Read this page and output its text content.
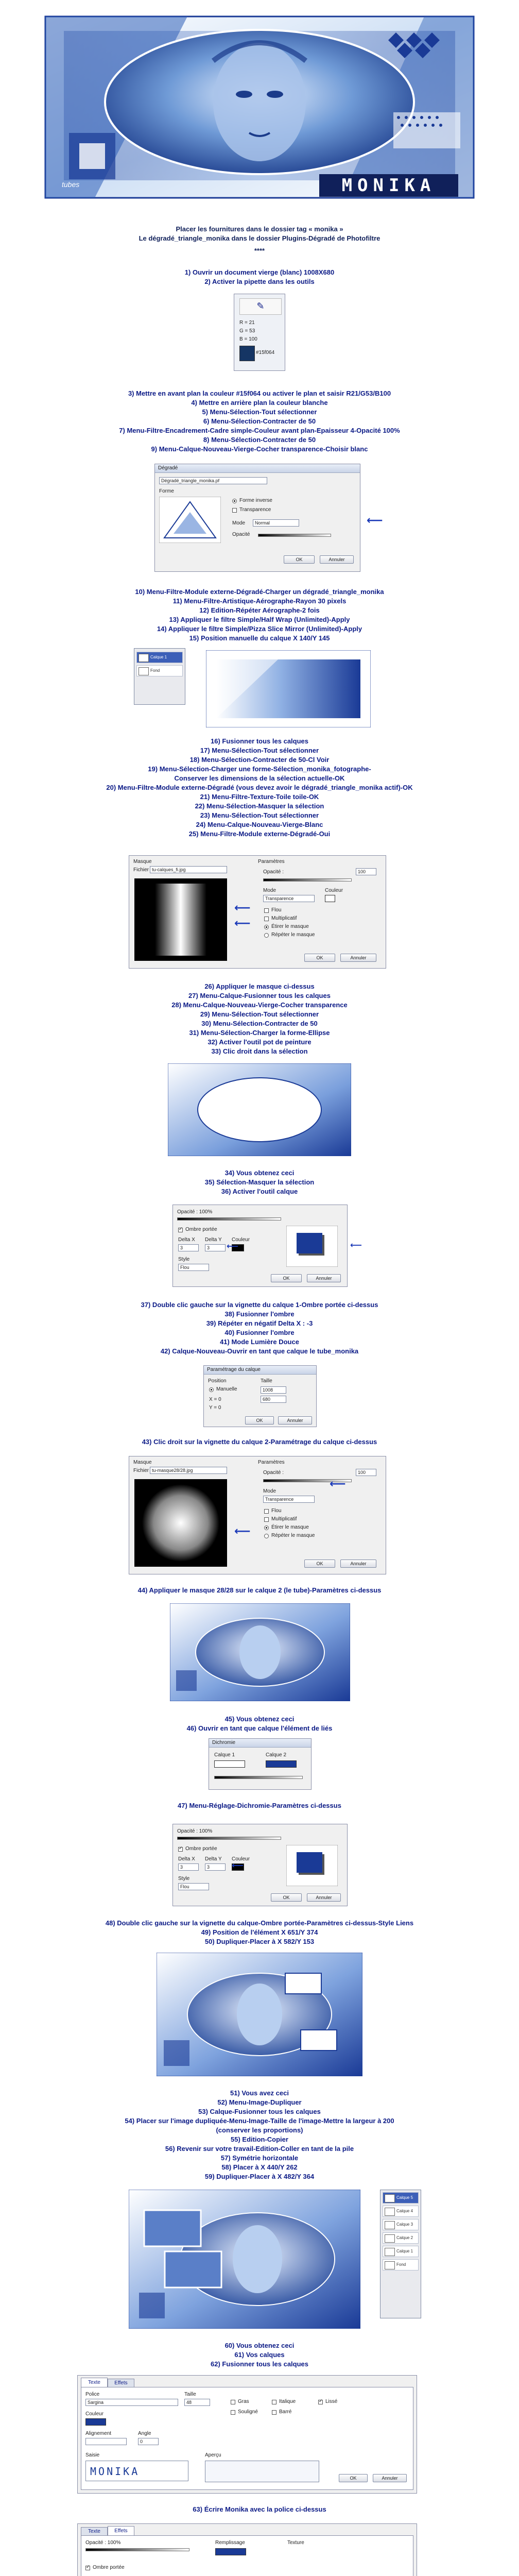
MONIKA
tubes
Placer les fournitures dans le dossier tag « monika »
Le dégradé_triangle_monika dans le dossier Plugins-Dégradé de Photofiltre
****
1) Ouvrir un document vierge (blanc) 1008X680
2) Activer la pipette dans les outils
✎
R = 21
G = 53
B = 100
#15f064
3) Mettre en avant plan la couleur #15f064 ou activer le plan et saisir R21/G53/B100
4) Mettre en arrière plan la couleur blanche
5) Menu-Sélection-Tout sélectionner
6) Menu-Sélection-Contracter de 50
7) Menu-Filtre-Encadrement-Cadre simple-Couleur avant plan-Epaisseur 4-Opacité 100%
8) Menu-Sélection-Contracter de 50
9) Menu-Calque-Nouveau-Vierge-Cocher transparence-Choisir blanc
Dégradé
Dégradé_triangle_monika.pf
Forme
Forme inverse
Transparence
Mode	Normal
Opacité
OK	Annuler
⟵
10) Menu-Filtre-Module externe-Dégradé-Charger un dégradé_triangle_monika
11) Menu-Filtre-Artistique-Aérographe-Rayon 30 pixels
12) Edition-Répéter Aérographe-2 fois
13) Appliquer le filtre Simple/Half Wrap (Unlimited)-Apply
14) Appliquer le filtre Simple/Pizza Slice Mirror (Unlimited)-Apply
15) Position manuelle du calque X 140/Y 145
Calque 1
Fond
16) Fusionner tous les calques
17) Menu-Sélection-Tout sélectionner
18) Menu-Sélection-Contracter de 50-Cl Voir
19) Menu-Sélection-Charger une forme-Sélection_monika_fotographe-
Conserver les dimensions de la sélection actuelle-OK
20) Menu-Filtre-Module externe-Dégradé (vous devez avoir le dégradé_triangle_monika actif)-OK
21) Menu-Filtre-Texture-Toile toile-OK
22) Menu-Sélection-Masquer la sélection
23) Menu-Sélection-Tout sélectionner
24) Menu-Calque-Nouveau-Vierge-Blanc
25) Menu-Filtre-Module externe-Dégradé-Oui
Masque
Fichier tu-calques_fi.jpg
Paramètres
Opacité :	100
Mode
Transparence
Couleur
Flou
Multiplicatif
Étirer le masque
Répéter le masque
OK	Annuler
⟵
⟵
26) Appliquer le masque ci-dessus
27) Menu-Calque-Fusionner tous les calques
28) Menu-Calque-Nouveau-Vierge-Cocher transparence
29) Menu-Sélection-Tout sélectionner
30) Menu-Sélection-Contracter de 50
31) Menu-Sélection-Charger la forme-Ellipse
32) Activer l'outil pot de peinture
33) Clic droit dans la sélection
34) Vous obtenez ceci
35) Sélection-Masquer la sélection
36) Activer l'outil calque
Opacité : 100%
✓
Ombre portée
Delta X
3
Delta Y
3
Couleur
Style
Flou
OK	Annuler
⟵	⟵
37) Double clic gauche sur la vignette du calque 1-Ombre portée ci-dessus
38) Fusionner l'ombre
39) Répéter en négatif Delta X : -3
40) Fusionner l'ombre
41) Mode Lumière Douce
42) Calque-Nouveau-Ouvrir en tant que calque le tube_monika
Paramétrage du calque
Position
Manuelle
X = 0
Y = 0
Taille
1008
680
OK	Annuler
43) Clic droit sur la vignette du calque 2-Paramétrage du calque ci-dessus
Masque
Fichier tu-masque28/28.jpg
Paramètres
Opacité :	100
Mode
Transparence
Flou
Multiplicatif
Étirer le masque
Répéter le masque
OK	Annuler
⟵
⟵
44) Appliquer le masque 28/28 sur le calque 2 (le tube)-Paramètres ci-dessus
45) Vous obtenez ceci
46) Ouvrir en tant que calque l'élément de liés
Dichromie
Calque 1	Calque 2
47) Menu-Réglage-Dichromie-Paramètres ci-dessus
Opacité : 100%
✓
Ombre portée
Delta X
3
Delta Y
3
Couleur
Style
Flou
OK	Annuler
⟵
48) Double clic gauche sur la vignette du calque-Ombre portée-Paramètres ci-dessus-Style Liens
49) Position de l'élément X 651/Y 374
50) Dupliquer-Placer à X 582/Y 153
51) Vous avez ceci
52) Menu-Image-Dupliquer
53) Calque-Fusionner tous les calques
54) Placer sur l'image dupliquée-Menu-Image-Taille de l'image-Mettre la largeur à 200
(conserver les proportions)
55) Edition-Copier
56) Revenir sur votre travail-Edition-Coller en tant de la pile
57) Symétrie horizontale
58) Placer à X 440/Y 262
59) Dupliquer-Placer à X 482/Y 364
Calque 5
Calque 4
Calque 3
Calque 2
Calque 1
Fond
60) Vous obtenez ceci
61) Vos calques
62) Fusionner tous les calques
Texte	Effets
Police
Sargina
Taille
48
Couleur
Alignement	Angle
0
Gras	Italique
Souligné	Barré
✓
Lissé
Saisie
MONIKA
Aperçu
OK	Annuler
63) Écrire Monika avec la police ci-dessus
Texte	Effets
Opacité : 100%	Remplissage	Texture
✓
Ombre portée
